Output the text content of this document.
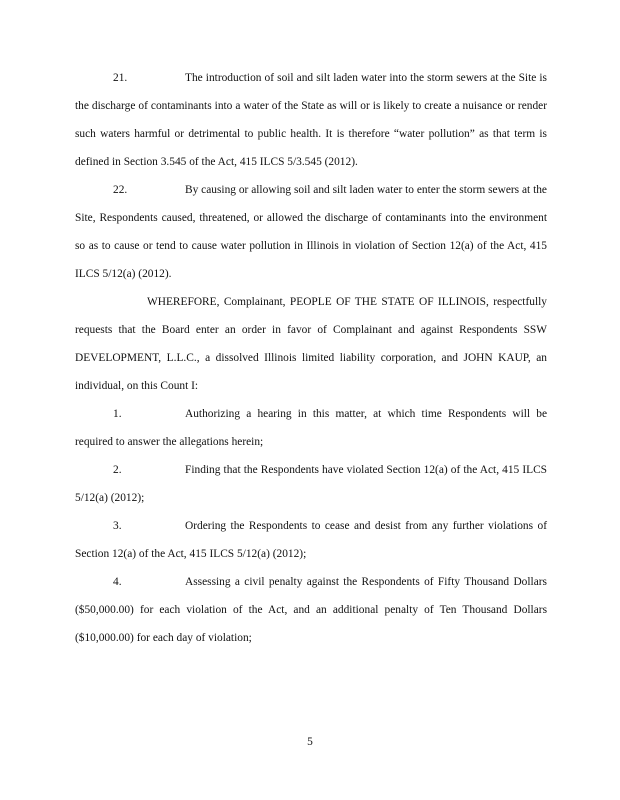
21.	The introduction of soil and silt laden water into the storm sewers at the Site is the discharge of contaminants into a water of the State as will or is likely to create a nuisance or render such waters harmful or detrimental to public health. It is therefore “water pollution” as that term is defined in Section 3.545 of the Act, 415 ILCS 5/3.545 (2012).

22.	By causing or allowing soil and silt laden water to enter the storm sewers at the Site, Respondents caused, threatened, or allowed the discharge of contaminants into the environment so as to cause or tend to cause water pollution in Illinois in violation of Section 12(a) of the Act, 415 ILCS 5/12(a) (2012).

WHEREFORE, Complainant, PEOPLE OF THE STATE OF ILLINOIS, respectfully requests that the Board enter an order in favor of Complainant and against Respondents SSW DEVELOPMENT, L.L.C., a dissolved Illinois limited liability corporation, and JOHN KAUP, an individual, on this Count I:

1.	Authorizing a hearing in this matter, at which time Respondents will be required to answer the allegations herein;

2.	Finding that the Respondents have violated Section 12(a) of the Act, 415 ILCS 5/12(a) (2012);

3.	Ordering the Respondents to cease and desist from any further violations of Section 12(a) of the Act, 415 ILCS 5/12(a) (2012);

4.	Assessing a civil penalty against the Respondents of Fifty Thousand Dollars ($50,000.00) for each violation of the Act, and an additional penalty of Ten Thousand Dollars ($10,000.00) for each day of violation;

5
